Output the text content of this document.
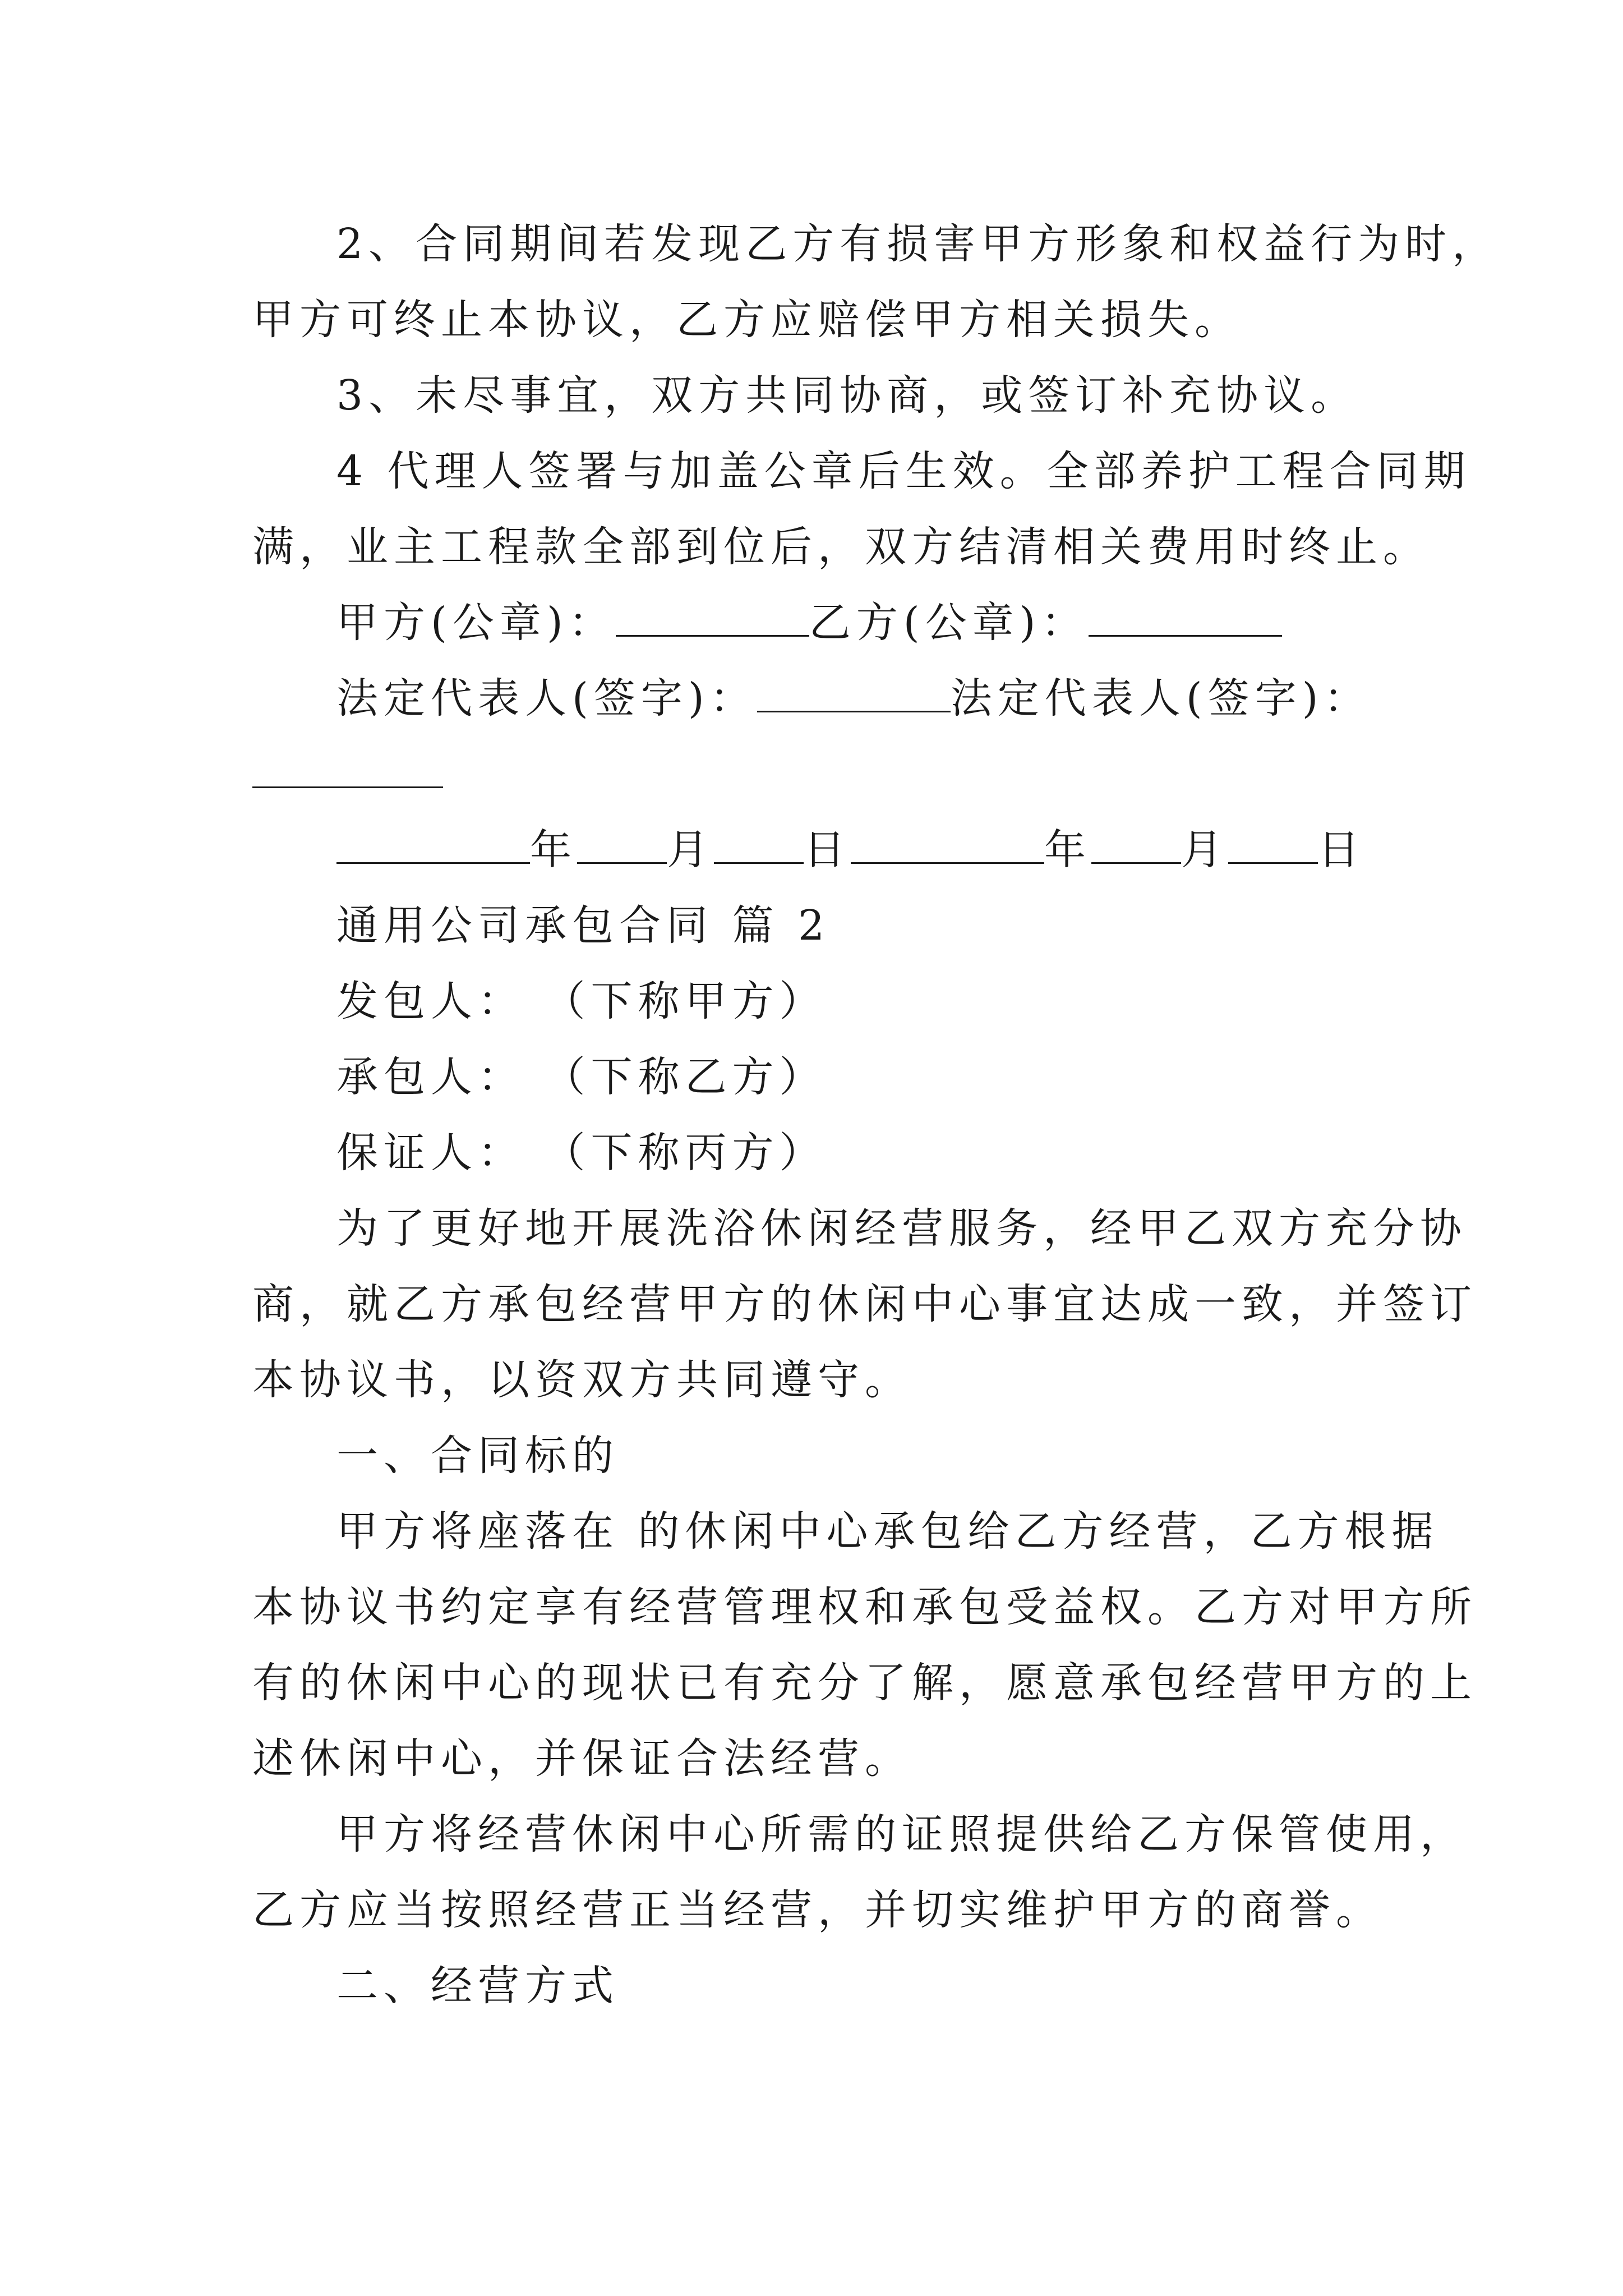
2、合同期间若发现乙方有损害甲方形象和权益行为时，
甲方可终止本协议，乙方应赔偿甲方相关损失。
3、未尽事宜，双方共同协商，或签订补充协议。
4 代理人签署与加盖公章后生效。全部养护工程合同期
满，业主工程款全部到位后，双方结清相关费用时终止。
甲方(公章)：	乙方(公章)：
法定代表人(签字)：	法定代表人(签字)：
年 月 日	年 月 日
通用公司承包合同 篇 2
发包人： （下称甲方）
承包人： （下称乙方）
保证人： （下称丙方）
为了更好地开展洗浴休闲经营服务，经甲乙双方充分协
商，就乙方承包经营甲方的休闲中心事宜达成一致，并签订
本协议书，以资双方共同遵守。
一、合同标的
甲方将座落在 的休闲中心承包给乙方经营，乙方根据
本协议书约定享有经营管理权和承包受益权。乙方对甲方所
有的休闲中心的现状已有充分了解，愿意承包经营甲方的上
述休闲中心，并保证合法经营。
甲方将经营休闲中心所需的证照提供给乙方保管使用，
乙方应当按照经营正当经营，并切实维护甲方的商誉。
二、经营方式
